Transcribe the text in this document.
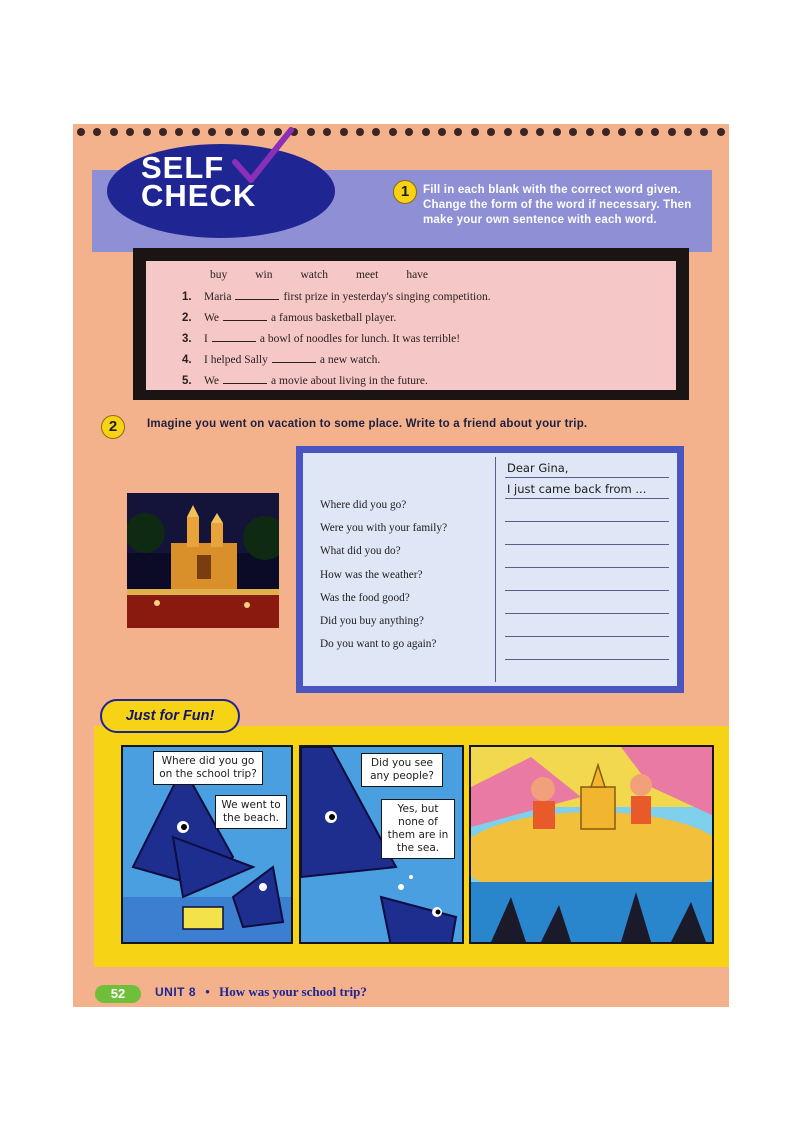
SELF
CHECK	1	Fill in each blank with the correct word given. Change the form of the word if necessary. Then make your own sentence with each word.
buy win watch meet have
1. Maria	first prize in yesterday's singing competition.
2. We	a famous basketball player.
3. I	a bowl of noodles for lunch. It was terrible!
4. I helped Sally	a new watch.
5. We	a movie about living in the future.
2	Imagine you went on vacation to some place. Write to a friend about your trip.
Where did you go?
Were you with your family?
What did you do?
How was the weather?
Was the food good?
Did you buy anything?
Do you want to go again?
Dear Gina,
I just came back from ...
Just for Fun!
Where did you go on the school trip?
We went to the beach.
Did you see any people?
Yes, but none of them are in the sea.
52	UNIT 8 • How was your school trip?
